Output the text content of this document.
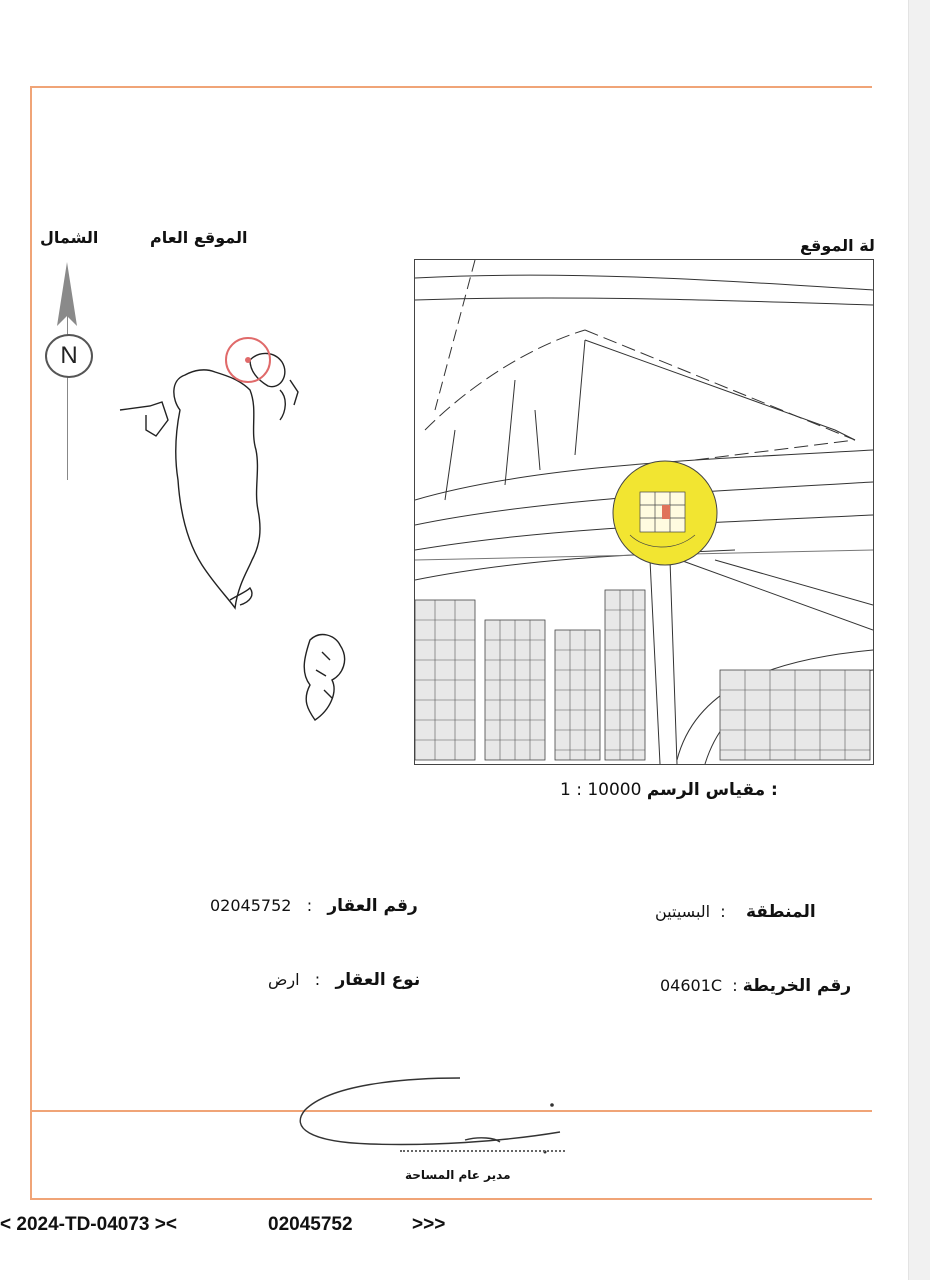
الشمال	الموقع العام	لة الموقع
N
1 : 10000 مقياس الرسم :
رقم العقار   :   02045752	المنطقة    :  البسيتين
نوع العقار   :   ارض	رقم الخريطة :  04601C
مدير عام المساحة
< 2024-TD-04073 ><	02045752	>>>
